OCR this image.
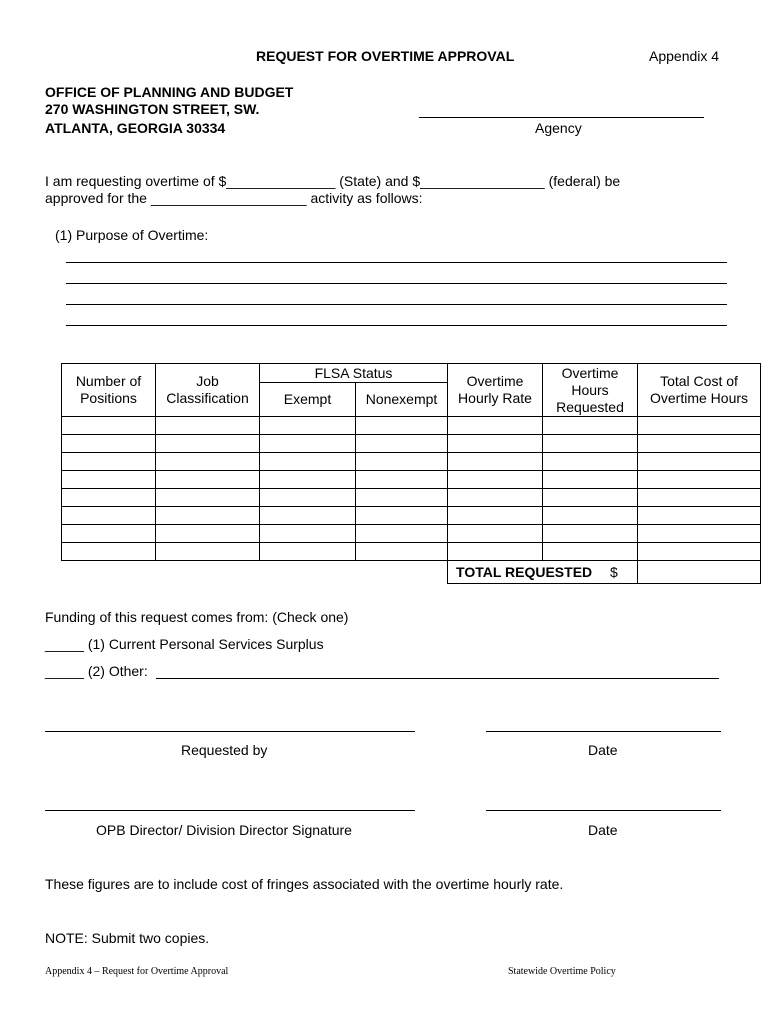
REQUEST FOR OVERTIME APPROVAL	Appendix 4
OFFICE OF PLANNING AND BUDGET
270 WASHINGTON STREET, SW.
ATLANTA, GEORGIA 30334	Agency
I am requesting overtime of $______________ (State) and $________________ (federal) be
approved for the ____________________ activity as follows:
(1) Purpose of Overtime:
Number of Positions	Job Classification	FLSA Status		Overtime Hourly Rate	Overtime Hours Requested	Total Cost of Overtime Hours
		Exempt	Nonexempt			

				TOTAL REQUESTED $		
Funding of this request comes from: (Check one)
_____ (1) Current Personal Services Surplus
_____ (2) Other:
Requested by	Date
OPB Director/ Division Director Signature	Date
These figures are to include cost of fringes associated with the overtime hourly rate.
NOTE: Submit two copies.
Appendix 4 – Request for Overtime Approval	Statewide Overtime Policy
